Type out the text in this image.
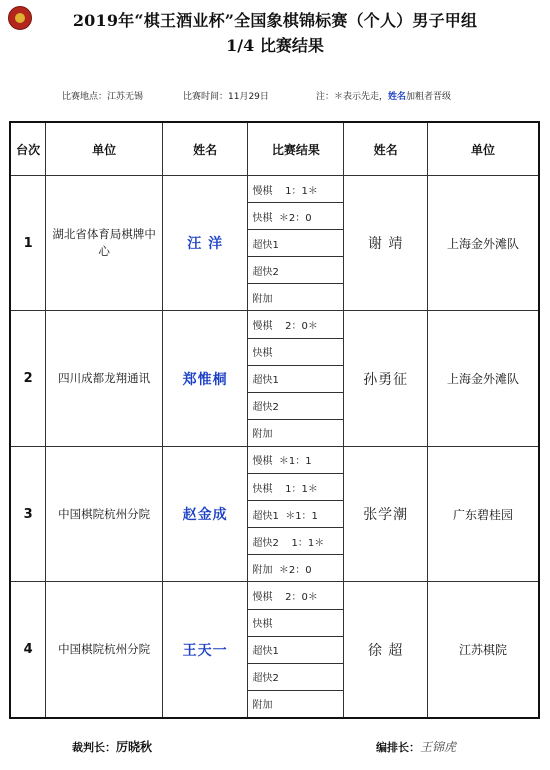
2019年“棋王酒业杯”全国象棋锦标赛（个人）男子甲组
1/4 比赛结果
比赛地点：江苏无锡	比赛时间：11月29日	注：＊表示先走，姓名加粗者晋级
台次	单位	姓名	比赛结果	姓名	单位
1	湖北省体育局棋牌中心	汪 洋	慢棋    1：1＊	谢 靖	上海金外滩队
			快棋  ＊2：0		
			超快1		
			超快2		
			附加		
2	四川成都龙翔通讯	郑惟桐	慢棋    2：0＊	孙勇征	上海金外滩队
			快棋		
			超快1		
			超快2		
			附加		
3	中国棋院杭州分院	赵金成	慢棋  ＊1：1	张学潮	广东碧桂园
			快棋    1：1＊		
			超快1  ＊1：1		
			超快2    1：1＊		
			附加  ＊2：0		
4	中国棋院杭州分院	王天一	慢棋    2：0＊	徐 超	江苏棋院
			快棋		
			超快1		
			超快2		
			附加		
裁判长：厉晓秋	编排长：王锦虎
